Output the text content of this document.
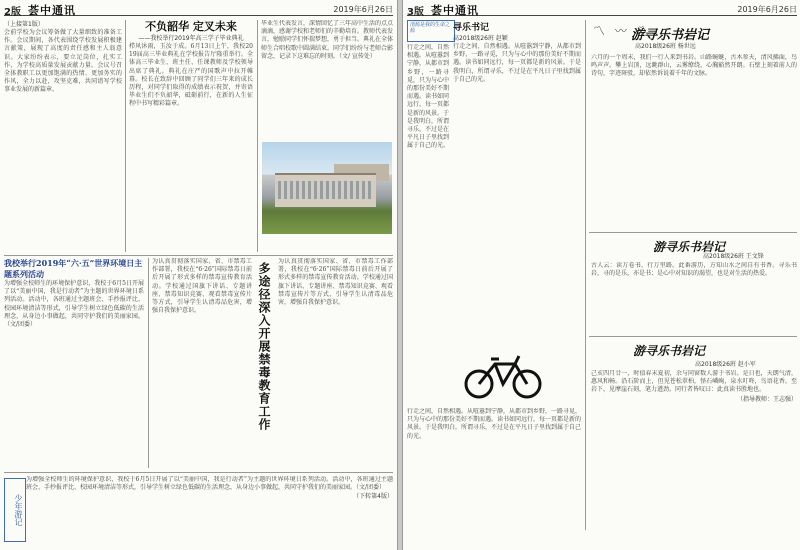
2版 荟中通讯	2019年6月26日
（上接第1版）
会前学校为会议筹备做了大量细致的准备工作。会议期间，各代表围绕学校发展积极建言献策，展现了高度的责任感和主人翁意识。大家纷纷表示，要立足岗位，扎实工作，为学校高质量发展贡献力量。会议号召全体教职工以更加饱满的热情、更加务实的作风，全力以赴，攻坚克难，共同谱写学校事业发展的新篇章。
不负韶华 定叉未来
——我校举行2019年高三学子毕业典礼
栉风沐雨，玉汝于成。6月13日上午，我校2019届高三毕业典礼在学校报告厅隆重举行。全体高三毕业生、班主任、任课教师及学校领导出席了典礼。典礼在庄严的国歌声中拉开帷幕。校长在致辞中回顾了同学们三年来的成长历程，对同学们取得的成绩表示祝贺，并寄语毕业生们不负韶华，砥砺前行，在新的人生征程中书写精彩篇章。
毕业生代表发言，深情回忆了三年高中生活的点点滴滴，感谢学校和老师们的辛勤培育。教师代表发言，勉励同学们怀揣梦想，勇于担当。典礼在全体师生合唱校歌中圆满结束。同学们纷纷与老师合影留念，记录下这难忘的时刻。（文/ 宣传处）
我校举行2019年“六·五”世界环境日主题系列活动
为增强全校师生的环境保护意识，我校于6月5日开展了以“美丽中国，我是行动者”为主题的世界环境日系列活动。活动中，各班通过主题班会、手抄报评比、校园环境清洁等形式，引导学生树立绿色低碳的生活理念，从身边小事做起，共同守护我们的美丽家园。（文/团委）	多途径深入开展禁毒教育工作
为认真贯彻落实国家、省、市禁毒工作部署，我校在“6·26”国际禁毒日前后开展了形式多样的禁毒宣传教育活动。学校通过国旗下讲话、专题讲座、禁毒知识竞赛、观看禁毒宣传片等方式，引导学生认清毒品危害，增强自我保护意识。
为认真贯彻落实国家、省、市禁毒工作部署，我校在“6·26”国际禁毒日前后开展了形式多样的禁毒宣传教育活动。学校通过国旗下讲话、专题讲座、禁毒知识竞赛、观看禁毒宣传片等方式，引导学生认清毒品危害，增强自我保护意识。
少年游记
为增强全校师生的环境保护意识，我校于6月5日开展了以“美丽中国，我是行动者”为主题的世界环境日系列活动。活动中，各班通过主题班会、手抄报评比、校园环境清洁等形式，引导学生树立绿色低碳的生活理念，从身边小事做起，共同守护我们的美丽家园。（文/团委）
（下转第4版）
3版 荟中通讯	2019年6月26日
清源是我的生命之源	寻乐书记
高2018级26班 赵颖
行走之间，自然相遇。从喧嚣到宁静，从都市到乡野，一路寻觅，只为与心中的那份美好不期而遇。读书如同远行，每一页都是新的风景。于是我明白，所谓寻乐，不过是在平凡日子里找到属于自己的光。
行走之间，自然相遇。从喧嚣到宁静，从都市到乡野，一路寻觅，只为与心中的那份美好不期而遇。读书如同远行，每一页都是新的风景。于是我明白，所谓寻乐，不过是在平凡日子里找到属于自己的光。
〽 〰 〽
游寻乐书岩记
高2018级26班 杨世远
六月的一个周末，我们一行人来到书岩。山路蜿蜒，古木参天，清风拂面，鸟鸣声声。攀上岩顶，远眺群山，云雾缭绕，心胸豁然开朗。石壁上刻着前人的诗句，字迹斑驳，却依然诉说着千年的文脉。
游寻乐书岩记
高2018级26班 王文锋
古人云：读万卷书，行万里路。此番游历，方知山水之间自有书香。寻乐书岩，寻的是乐，亦是书；是心中对知识的渴望，也是对生活的热爱。
行走之间，自然相遇。从喧嚣到宁静，从都市到乡野，一路寻觅，只为与心中的那份美好不期而遇。读书如同远行，每一页都是新的风景。于是我明白，所谓寻乐，不过是在平凡日子里找到属于自己的光。
游寻乐书岩记
高2018级26班 赵小军
己亥四月廿一，时值春末夏初，余与同窗数人游于书岩。是日也，天朗气清，惠风和畅。沿石阶而上，但见苍松翠柏，怪石嶙峋，泉水叮咚，鸟语花香。至岩下，见摩崖石刻，笔力遒劲。同行者皆叹曰：此真读书胜地也。
（指导教师：王志强）
